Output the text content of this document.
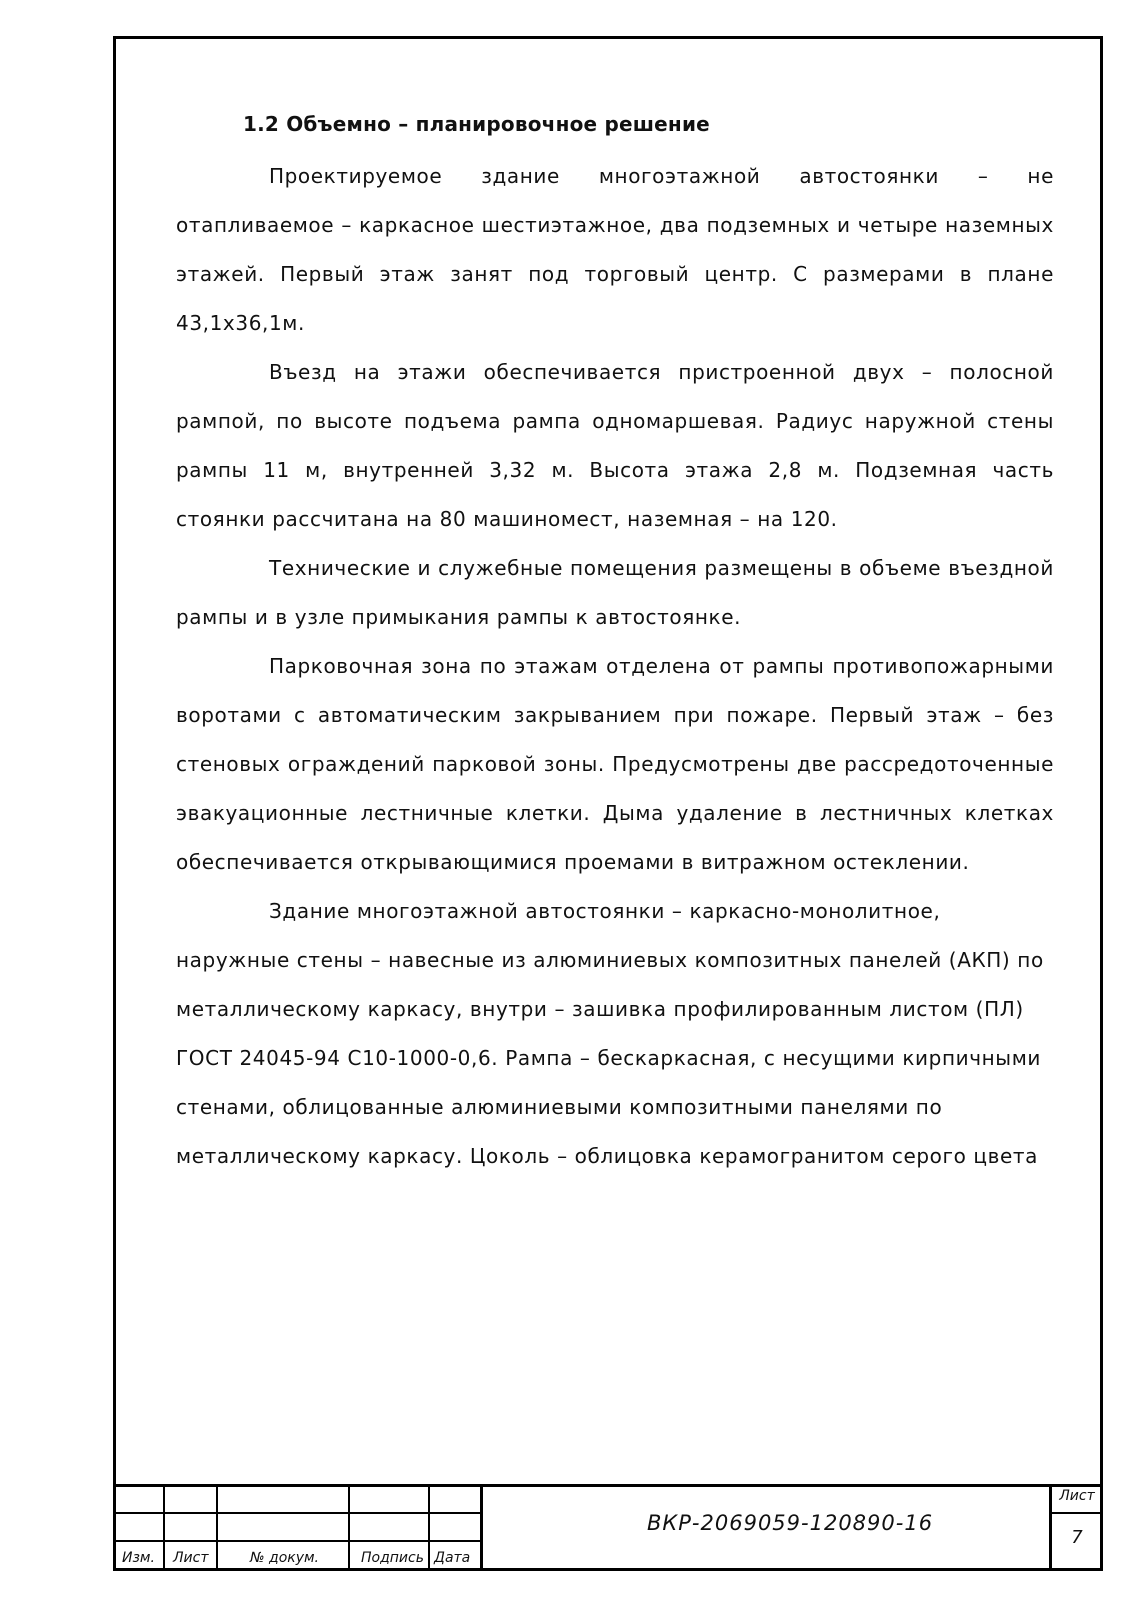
1.2 Объемно – планировочное решение

Проектируемое здание многоэтажной автостоянки – не отапливаемое – каркасное шестиэтажное, два подземных и четыре наземных этажей. Первый этаж занят под торговый центр. С размерами в плане 43,1х36,1м.

Въезд на этажи обеспечивается пристроенной двух – полосной рампой, по высоте подъема рампа одномаршевая. Радиус наружной стены рампы 11 м, внутренней 3,32 м. Высота этажа 2,8 м. Подземная часть стоянки рассчитана на 80 машиномест, наземная – на 120.

Технические и служебные помещения размещены в объеме въездной рампы и в узле примыкания рампы к автостоянке.

Парковочная зона по этажам отделена от рампы противопожарными воротами с автоматическим закрыванием при пожаре. Первый этаж – без стеновых ограждений парковой зоны. Предусмотрены две рассредоточенные эвакуационные лестничные клетки. Дыма удаление в лестничных клетках обеспечивается открывающимися проемами в витражном остеклении.

Здание многоэтажной автостоянки – каркасно-монолитное, наружные стены – навесные из алюминиевых композитных панелей (АКП) по металлическому каркасу, внутри – зашивка профилированным листом (ПЛ) ГОСТ 24045-94 С10-1000-0,6. Рампа – бескаркасная, с несущими кирпичными стенами, облицованные алюминиевыми композитными панелями по металлическому каркасу. Цоколь – облицовка керамогранитом серого цвета

Изм. Лист	№ докум.	Подпись Дата
ВКР-2069059-120890-16
Лист
7
